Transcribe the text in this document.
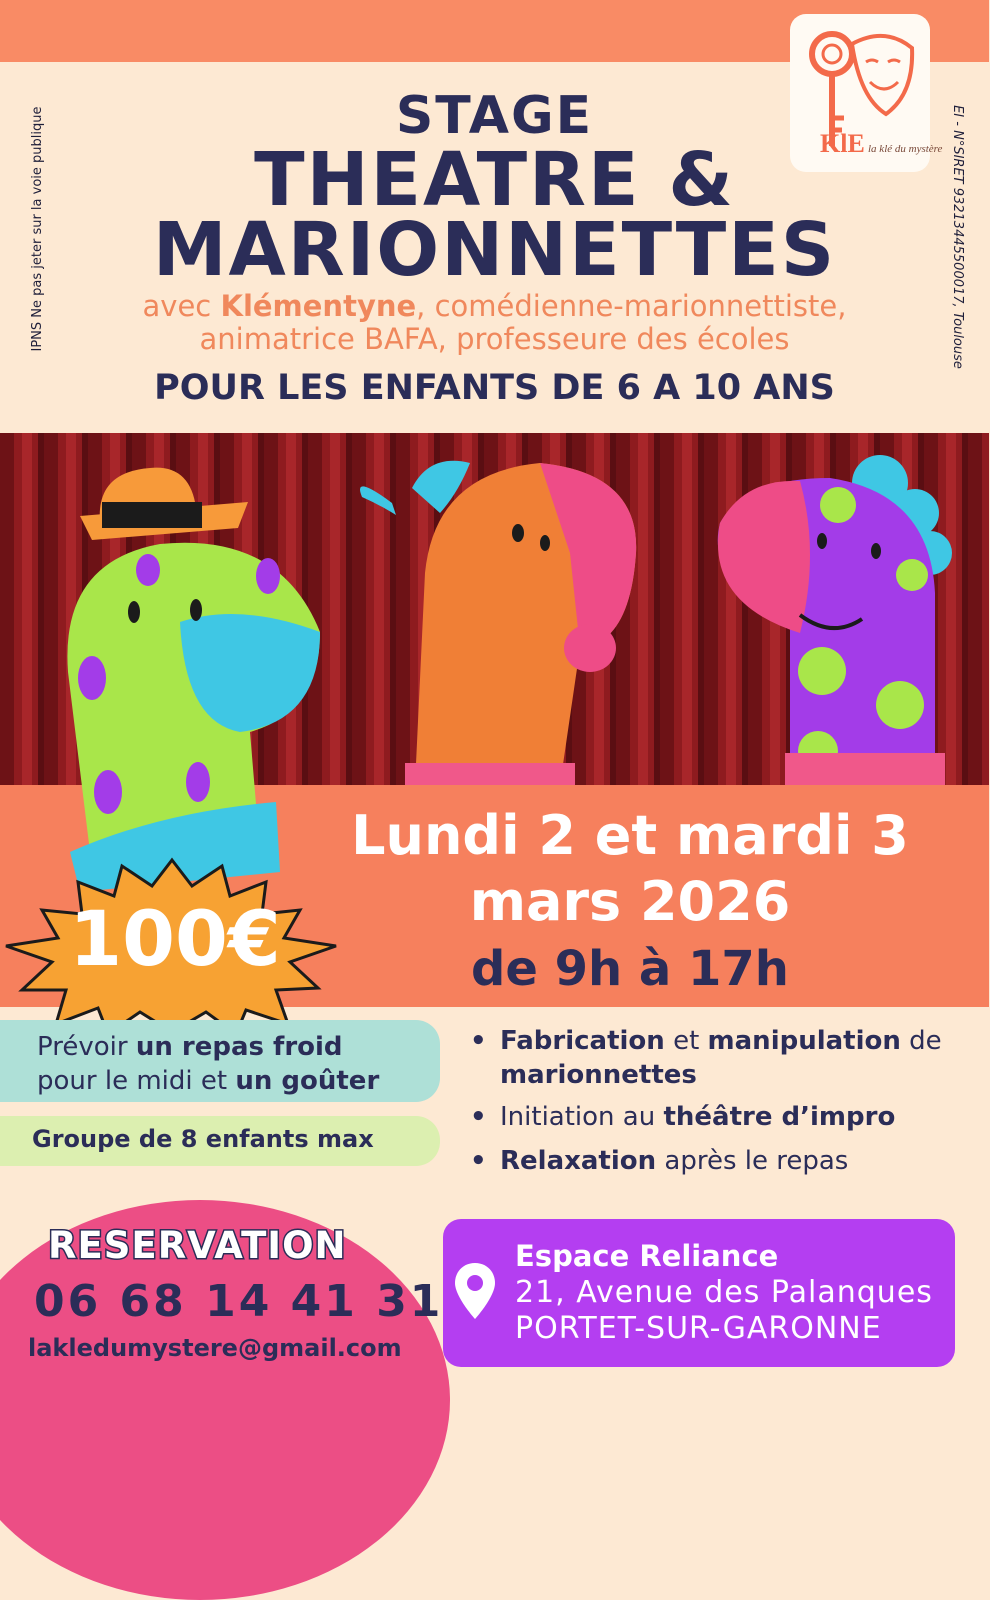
KlE la klé du mystère
IPNS Ne pas jeter sur la voie publique	EI - N°SIRET 93213445500017, Toulouse
STAGE
THEATRE &
MARIONNETTES
avec Klémentyne, comédienne-marionnettiste,
animatrice BAFA, professeure des écoles
POUR LES ENFANTS DE 6 A 10 ANS
Lundi 2 et mardi 3
mars 2026
de 9h à 17h
100€
Prévoir un repas froid
pour le midi et un goûter
Groupe de 8 enfants max
• Fabrication et manipulation de
marionnettes
• Initiation au théâtre d’impro
• Relaxation après le repas
RESERVATION
06 68 14 41 31
lakledumystere@gmail.com
Espace Reliance
21, Avenue des Palanques
PORTET-SUR-GARONNE
